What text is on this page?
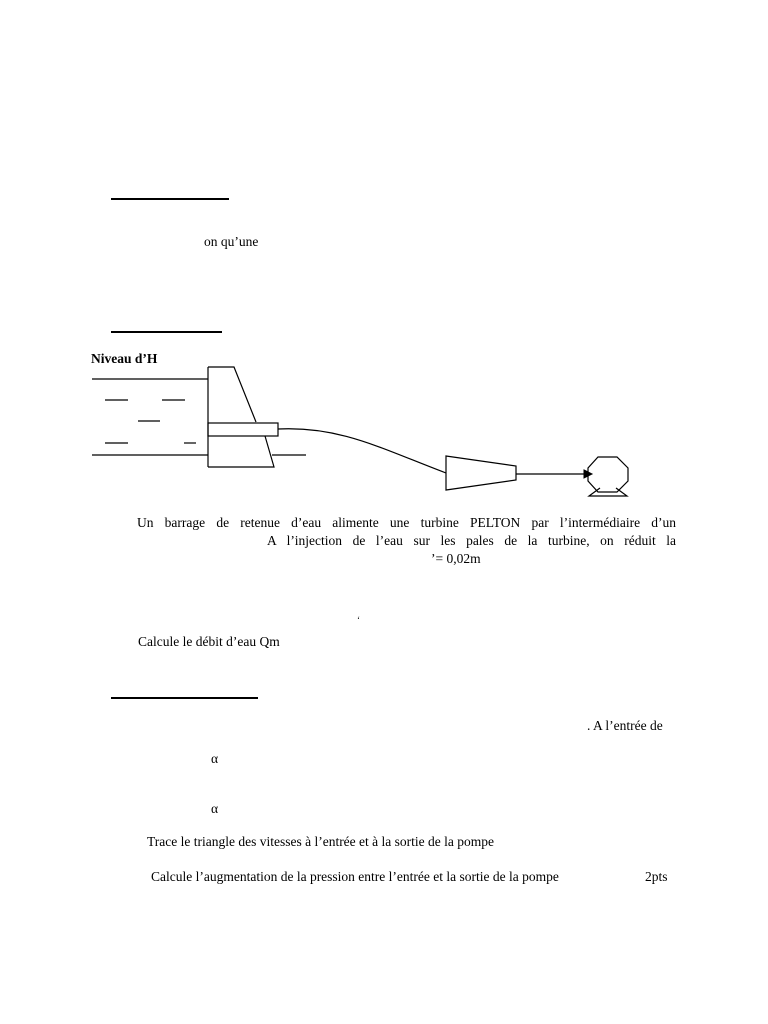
on qu’une
Niveau d’H
Un barrage de retenue d’eau alimente une turbine PELTON par l’intermédiaire d’un
A l’injection de l’eau sur les pales de la turbine, on réduit la
’= 0,02m
‘
Calcule le débit d’eau Qm
. A l’entrée de
α
α
Trace le triangle des vitesses à l’entrée et à la sortie de la pompe
Calcule l’augmentation de la pression entre l’entrée et la sortie de la pompe	2pts
